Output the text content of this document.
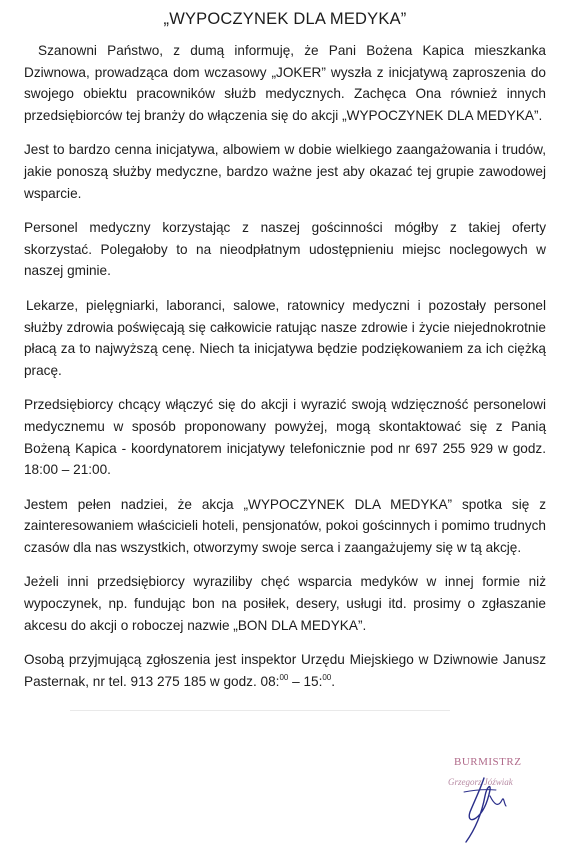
„WYPOCZYNEK DLA MEDYKA”

Szanowni Państwo, z dumą informuję, że Pani Bożena Kapica mieszkanka Dziwnowa, prowadząca dom wczasowy „JOKER” wyszła z inicjatywą zaproszenia do swojego obiektu pracowników służb medycznych. Zachęca Ona również innych przedsiębiorców tej branży do włączenia się do akcji „WYPOCZYNEK DLA MEDYKA”.

Jest to bardzo cenna inicjatywa, albowiem w dobie wielkiego zaangażowania i trudów, jakie ponoszą służby medyczne, bardzo ważne jest aby okazać tej grupie zawodowej wsparcie.

Personel medyczny korzystając z naszej gościnności mógłby z takiej oferty skorzystać. Polegałoby to na nieodpłatnym udostępnieniu miejsc noclegowych w naszej gminie.

Lekarze, pielęgniarki, laboranci, salowe, ratownicy medyczni i pozostały personel służby zdrowia poświęcają się całkowicie ratując nasze zdrowie i życie niejednokrotnie płacą za to najwyższą cenę. Niech ta inicjatywa będzie podziękowaniem za ich ciężką pracę.

Przedsiębiorcy chcący włączyć się do akcji i wyrazić swoją wdzięczność personelowi medycznemu w sposób proponowany powyżej, mogą skontaktować się z Panią Bożeną Kapica - koordynatorem inicjatywy telefonicznie pod nr 697 255 929 w godz. 18:00 – 21:00.

Jestem pełen nadziei, że akcja „WYPOCZYNEK DLA MEDYKA” spotka się z zainteresowaniem właścicieli hoteli, pensjonatów, pokoi gościnnych i pomimo trudnych czasów dla nas wszystkich, otworzymy swoje serca i zaangażujemy się w tą akcję.

Jeżeli inni przedsiębiorcy wyraziliby chęć wsparcia medyków w innej formie niż wypoczynek, np. fundując bon na posiłek, desery, usługi itd. prosimy o zgłaszanie akcesu do akcji o roboczej nazwie „BON DLA MEDYKA”.

Osobą przyjmującą zgłoszenia jest inspektor Urzędu Miejskiego w Dziwnowie Janusz Pasternak, nr tel. 913 275 185 w godz. 08:$^{00}$ – 15:$^{00}$.

BURMISTRZ
Grzegorz Jóźwiak
